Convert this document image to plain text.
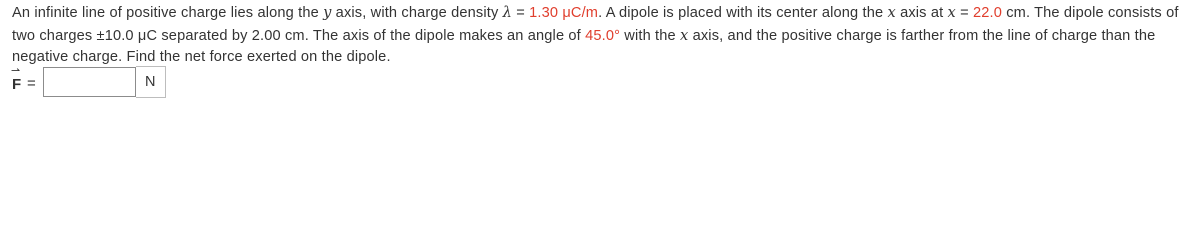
An infinite line of positive charge lies along the y axis, with charge density λ = 1.30 μC/m. A dipole is placed with its center along the x axis at x = 22.0 cm. The dipole consists of two charges ±10.0 μC separated by 2.00 cm. The axis of the dipole makes an angle of 45.0° with the x axis, and the positive charge is farther from the line of charge than the negative charge. Find the net force exerted on the dipole.

⇀
F =	N
